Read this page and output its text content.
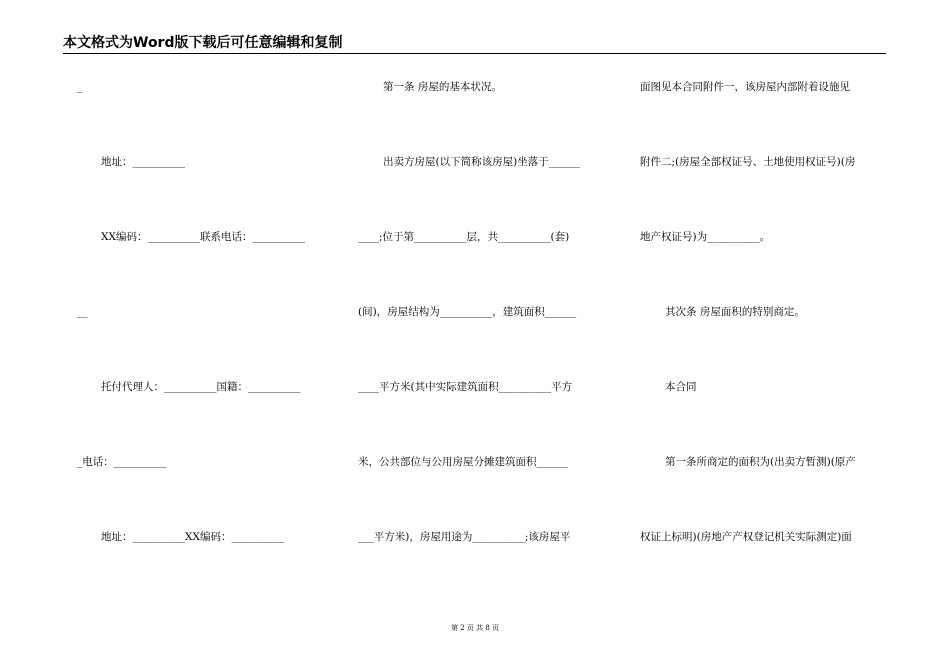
本文格式为Word版下载后可任意编辑和复制
_
地址：__________
XX编码：__________联系电话：__________
__
托付代理人：__________国籍：__________
_电话：__________
地址：__________XX编码：__________
第一条 房屋的基本状况。
出卖方房屋(以下简称该房屋)坐落于______
____;位于第__________层，共__________(套)
(间)，房屋结构为__________，建筑面积______
____平方米(其中实际建筑面积__________平方
米，公共部位与公用房屋分摊建筑面积______
___平方米)，房屋用途为__________;该房屋平
面图见本合同附件一，该房屋内部附着设施见
附件二;(房屋全部权证号、土地使用权证号)(房
地产权证号)为__________。
其次条 房屋面积的特别商定。
本合同
第一条所商定的面积为(出卖方暂测)(原产
权证上标明)(房地产产权登记机关实际测定)面
第 2 页 共 8 页
